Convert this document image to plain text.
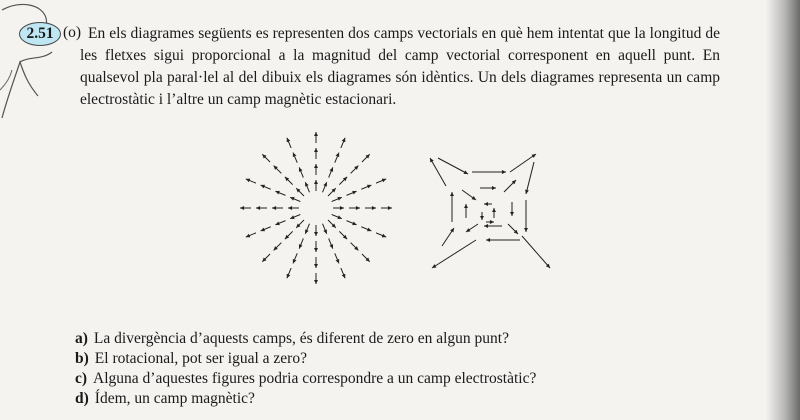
2.51 (o) En els diagrames següents es representen dos camps vectorials en què hem intentat que la longitud de les fletxes sigui proporcional a la magnitud del camp vectorial corresponent en aquell punt. En qualsevol pla paral·lel al del dibuix els diagrames són idèntics. Un dels diagrames representa un camp electrostàtic i l’altre un camp magnètic estacionari.
a) La divergència d’aquests camps, és diferent de zero en algun punt?
b) El rotacional, pot ser igual a zero?
c) Alguna d’aquestes figures podria correspondre a un camp electrostàtic?
d) Ídem, un camp magnètic?
